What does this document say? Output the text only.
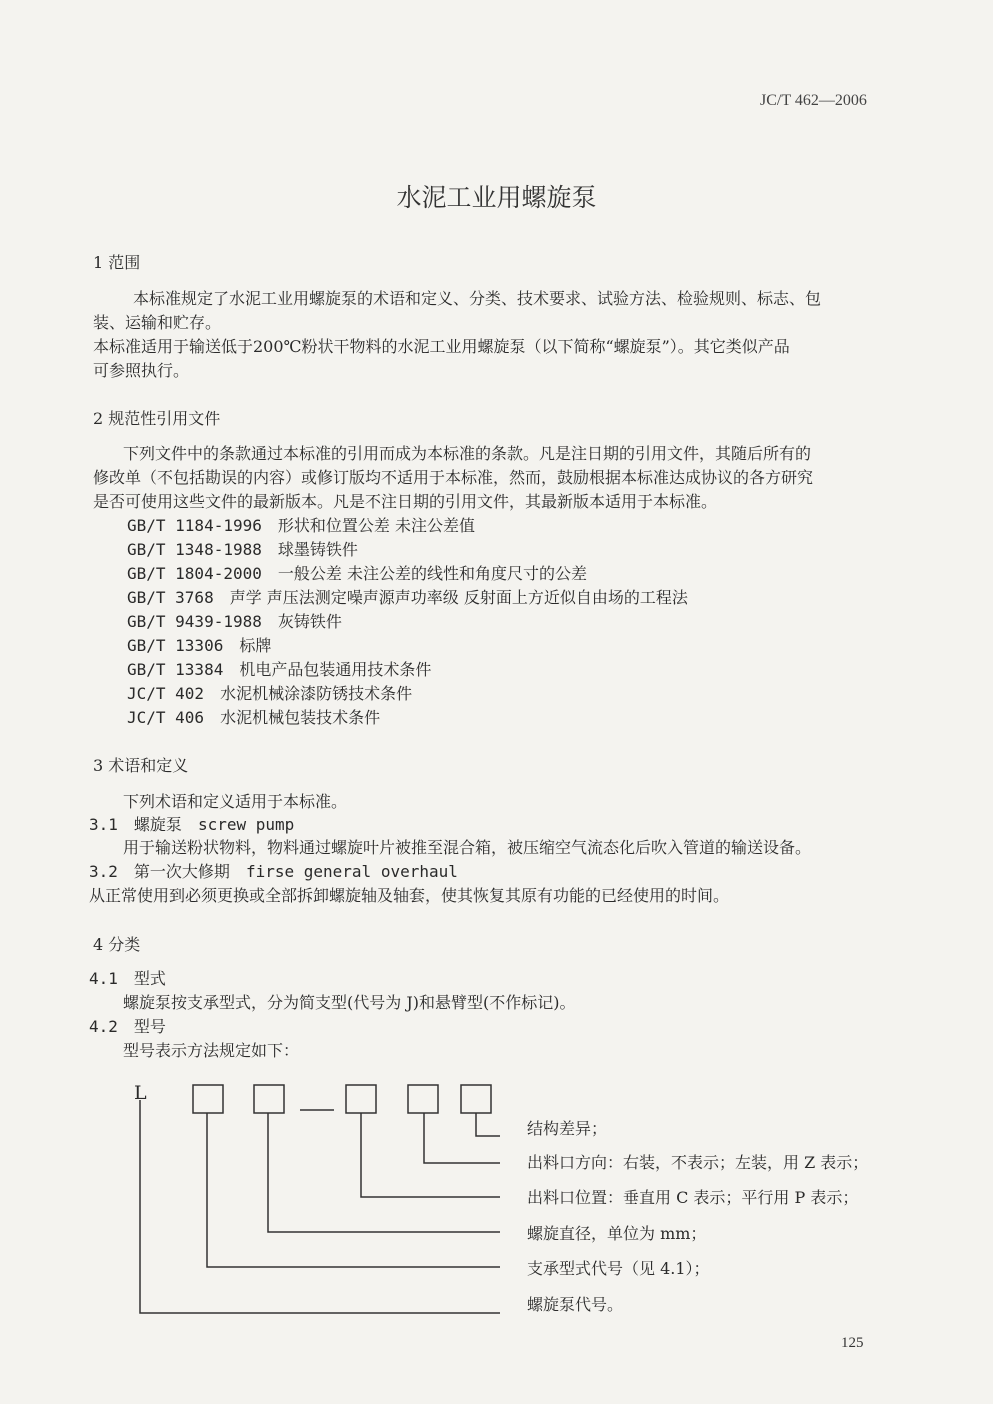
JC/T 462—2006
水泥工业用螺旋泵
1 范围
本标准规定了水泥工业用螺旋泵的术语和定义、分类、技术要求、试验方法、检验规则、标志、包
装、运输和贮存。
本标准适用于输送低于200℃粉状干物料的水泥工业用螺旋泵（以下简称“螺旋泵”）。其它类似产品
可参照执行。
2 规范性引用文件
下列文件中的条款通过本标准的引用而成为本标准的条款。凡是注日期的引用文件，其随后所有的
修改单（不包括勘误的内容）或修订版均不适用于本标准，然而，鼓励根据本标准达成协议的各方研究
是否可使用这些文件的最新版本。凡是不注日期的引用文件，其最新版本适用于本标准。
GB/T 1184-1996　 形状和位置公差 未注公差值
GB/T 1348-1988　 球墨铸铁件
GB/T 1804-2000　 一般公差 未注公差的线性和角度尺寸的公差
GB/T 3768　 声学 声压法测定噪声源声功率级 反射面上方近似自由场的工程法
GB/T 9439-1988　 灰铸铁件
GB/T 13306　 标牌
GB/T 13384　 机电产品包装通用技术条件
JC/T 402　 水泥机械涂漆防锈技术条件
JC/T 406　 水泥机械包装技术条件
3 术语和定义
下列术语和定义适用于本标准。
3.1　 螺旋泵　 screw pump
用于输送粉状物料，物料通过螺旋叶片被推至混合箱，被压缩空气流态化后吹入管道的输送设备。
3.2　 第一次大修期　 firse general overhaul
从正常使用到必须更换或全部拆卸螺旋轴及轴套，使其恢复其原有功能的已经使用的时间。
4 分类
4.1　 型式
螺旋泵按支承型式，分为简支型(代号为 J)和悬臂型(不作标记)。
4.2　 型号
型号表示方法规定如下：
L
结构差异；
出料口方向：右装，不表示；左装，用 Z 表示；
出料口位置：垂直用 C 表示；平行用 P 表示；
螺旋直径，单位为 mm；
支承型式代号（见 4.1）；
螺旋泵代号。
125
